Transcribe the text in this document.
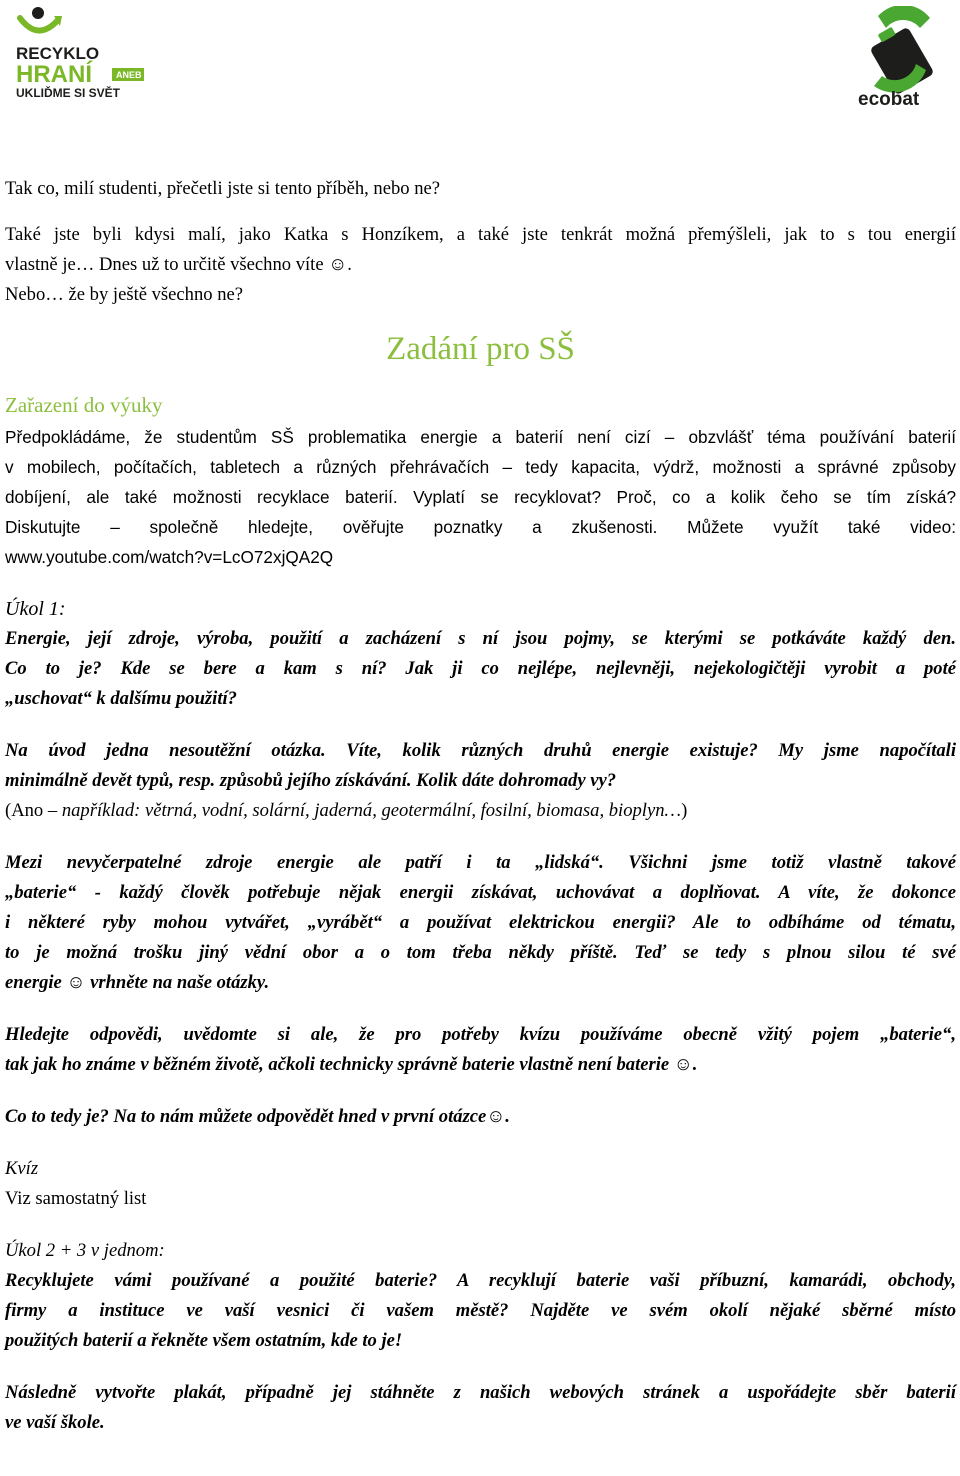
RECYKLO
HRANÍ	ANEB
UKLIĎME SI SVĚT	ecobat

Tak co, milí studenti, přečetli jste si tento příběh, nebo ne?

Také jste byli kdysi malí, jako Katka s Honzíkem, a také jste tenkrát možná přemýšleli, jak to s tou energií

vlastně je… Dnes už to určitě všechno víte ☺.

Nebo… že by ještě všechno ne?

Zadání pro SŠ
Zařazení do výuky

Předpokládáme, že studentům SŠ problematika energie a baterií není cizí – obzvlášť téma používání baterií

v mobilech, počítačích, tabletech a různých přehrávačích – tedy kapacita, výdrž, možnosti a správné způsoby

dobíjení, ale také možnosti recyklace baterií. Vyplatí se recyklovat? Proč, co a kolik čeho se tím získá?

Diskutujte – společně hledejte, ověřujte poznatky a zkušenosti. Můžete využít také video:

www.youtube.com/watch?v=LcO72xjQA2Q

Úkol 1:

Energie, její zdroje, výroba, použití a zacházení s ní jsou pojmy, se kterými se potkáváte každý den.

Co to je? Kde se bere a kam s ní? Jak ji co nejlépe, nejlevněji, nejekologičtěji vyrobit a poté

„uschovat“ k dalšímu použití?

Na úvod jedna nesoutěžní otázka. Víte, kolik různých druhů energie existuje? My jsme napočítali

minimálně devět typů, resp. způsobů jejího získávání. Kolik dáte dohromady vy?

(Ano – například: větrná, vodní, solární, jaderná, geotermální, fosilní, biomasa, bioplyn…)

Mezi nevyčerpatelné zdroje energie ale patří i ta „lidská“. Všichni jsme totiž vlastně takové

„baterie“ - každý člověk potřebuje nějak energii získávat, uchovávat a doplňovat. A víte, že dokonce

i některé ryby mohou vytvářet, „vyrábět“ a používat elektrickou energii? Ale to odbíháme od tématu,

to je možná trošku jiný vědní obor a o tom třeba někdy příště. Teď se tedy s plnou silou té své

energie ☺ vrhněte na naše otázky.

Hledejte odpovědi, uvědomte si ale, že pro potřeby kvízu používáme obecně vžitý pojem „baterie“,

tak jak ho známe v běžném životě, ačkoli technicky správně baterie vlastně není baterie ☺.

Co to tedy je? Na to nám můžete odpovědět hned v první otázce☺.

Kvíz

Viz samostatný list

Úkol 2 + 3 v jednom:

Recyklujete vámi používané a použité baterie? A recyklují baterie vaši příbuzní, kamarádi, obchody,

firmy a instituce ve vaší vesnici či vašem městě? Najděte ve svém okolí nějaké sběrné místo

použitých baterií a řekněte všem ostatním, kde to je!

Následně vytvořte plakát, případně jej stáhněte z našich webových stránek a uspořádejte sběr baterií

ve vaší škole.
